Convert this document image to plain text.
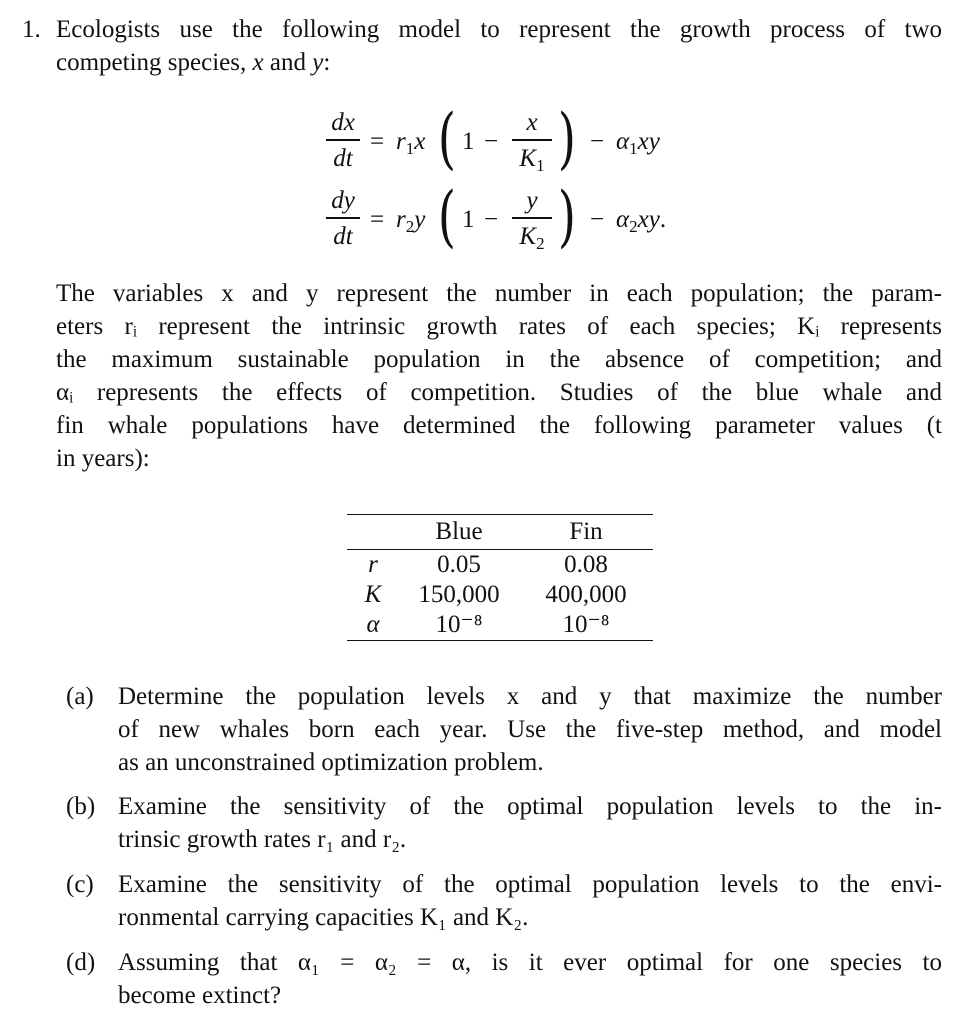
1. Ecologists use the following model to represent the growth process of two
competing species, x and y:
dx
dt
= $r_1x$ ( 1 −
x
$K_1$ ) − $\alpha_1xy$
dy
dt
= $r_2y$ ( 1 −
y
$K_2$ ) − $\alpha_2xy$.
The variables x and y represent the number in each population; the param-
eters rᵢ represent the intrinsic growth rates of each species; Kᵢ represents
the maximum sustainable population in the absence of competition; and
αᵢ represents the effects of competition. Studies of the blue whale and
fin whale populations have determined the following parameter values (t
in years):
	Blue	Fin
r	0.05	0.08
K	150,000	400,000
α	10⁻⁸	10⁻⁸
(a) Determine the population levels x and y that maximize the number
of new whales born each year. Use the five-step method, and model
as an unconstrained optimization problem.
(b) Examine the sensitivity of the optimal population levels to the in-
trinsic growth rates r₁ and r₂.
(c) Examine the sensitivity of the optimal population levels to the envi-
ronmental carrying capacities K₁ and K₂.
(d) Assuming that α₁ = α₂ = α, is it ever optimal for one species to
become extinct?
